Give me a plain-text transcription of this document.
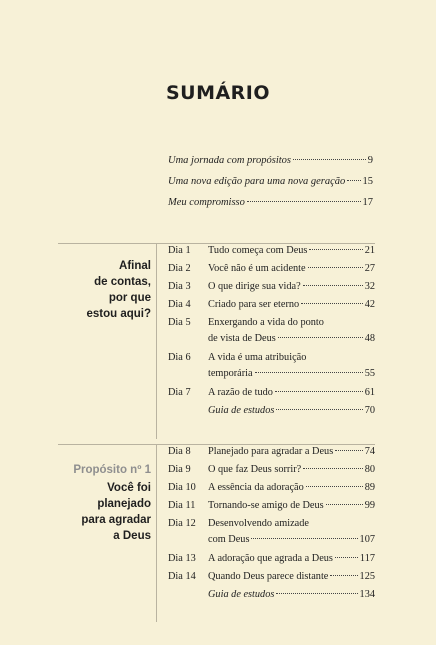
SUMÁRIO
Uma jornada com propósitos	9
Uma nova edição para uma nova geração 15
Meu compromisso	17
Afinal
de contas,
por que
estou aqui?
Dia 1	Tudo começa com Deus	21
Dia 2	Você não é um acidente	27
Dia 3	O que dirige sua vida?	32
Dia 4	Criado para ser eterno	42
Dia 5	Enxergando a vida do ponto
de vista de Deus	48
Dia 6	A vida é uma atribuição
temporária	55
Dia 7	A razão de tudo	61
Guia de estudos	70
Propósito nº 1
Você foi
planejado
para agradar
a Deus
Dia 8	Planejado para agradar a Deus	74
Dia 9	O que faz Deus sorrir?	80
Dia 10	A essência da adoração	89
Dia 11	Tornando-se amigo de Deus	99
Dia 12	Desenvolvendo amizade
com Deus	107
Dia 13	A adoração que agrada a Deus	117
Dia 14	Quando Deus parece distante	125
Guia de estudos	134
